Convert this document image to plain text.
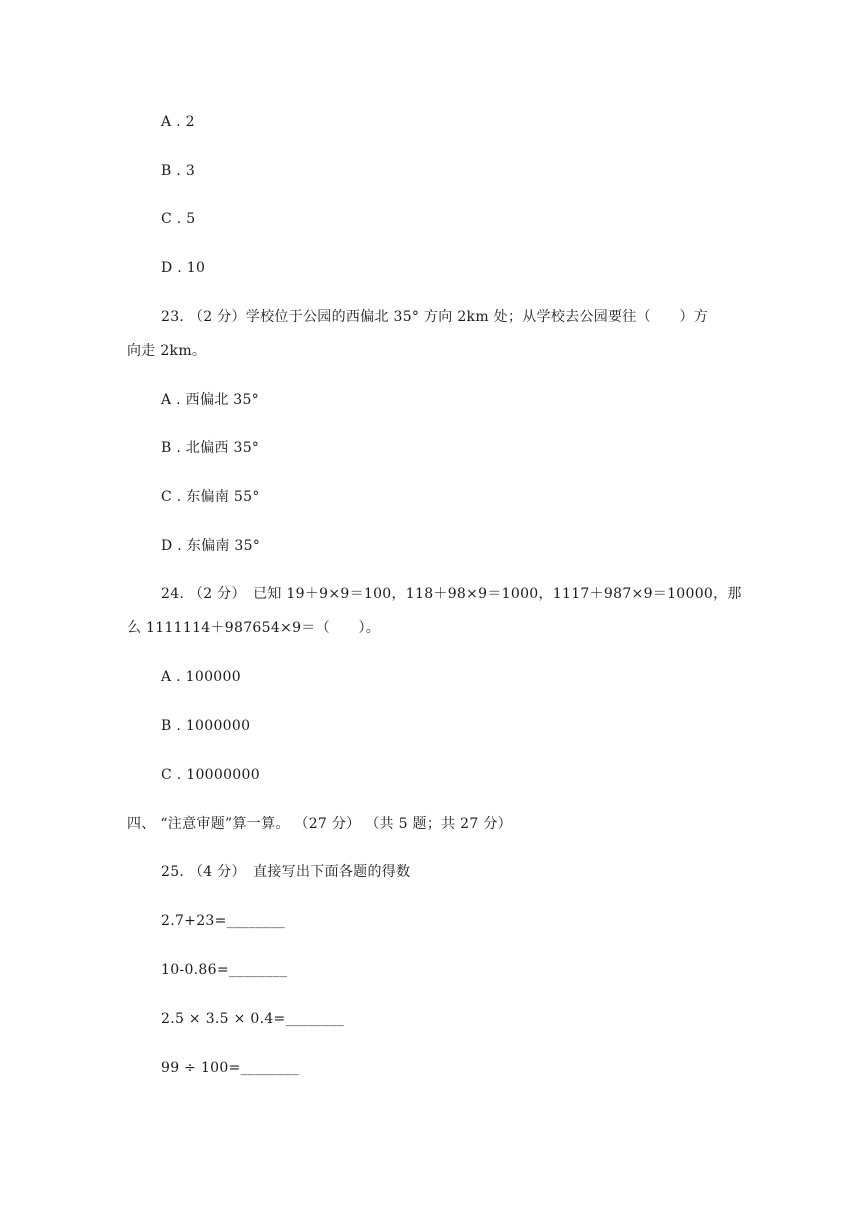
A . 2
B . 3
C . 5
D . 10
23. （2 分）学校位于公园的西偏北 35° 方向 2km 处；从学校去公园要往（　　）方
向走 2km。
A . 西偏北 35°
B . 北偏西 35°
C . 东偏南 55°
D . 东偏南 35°
24. （2 分）　已知 19＋9×9＝100，118＋98×9＝1000，1117＋987×9＝10000，那
么 1111114＋987654×9＝（　　）。
A . 100000
B . 1000000
C . 10000000
四、 “注意审题”算一算。 （27 分） （共 5 题；共 27 分）
25. （4 分）　直接写出下面各题的得数
2.7+23=________
10-0.86=________
2.5 × 3.5 × 0.4=________
99 ÷ 100=________
